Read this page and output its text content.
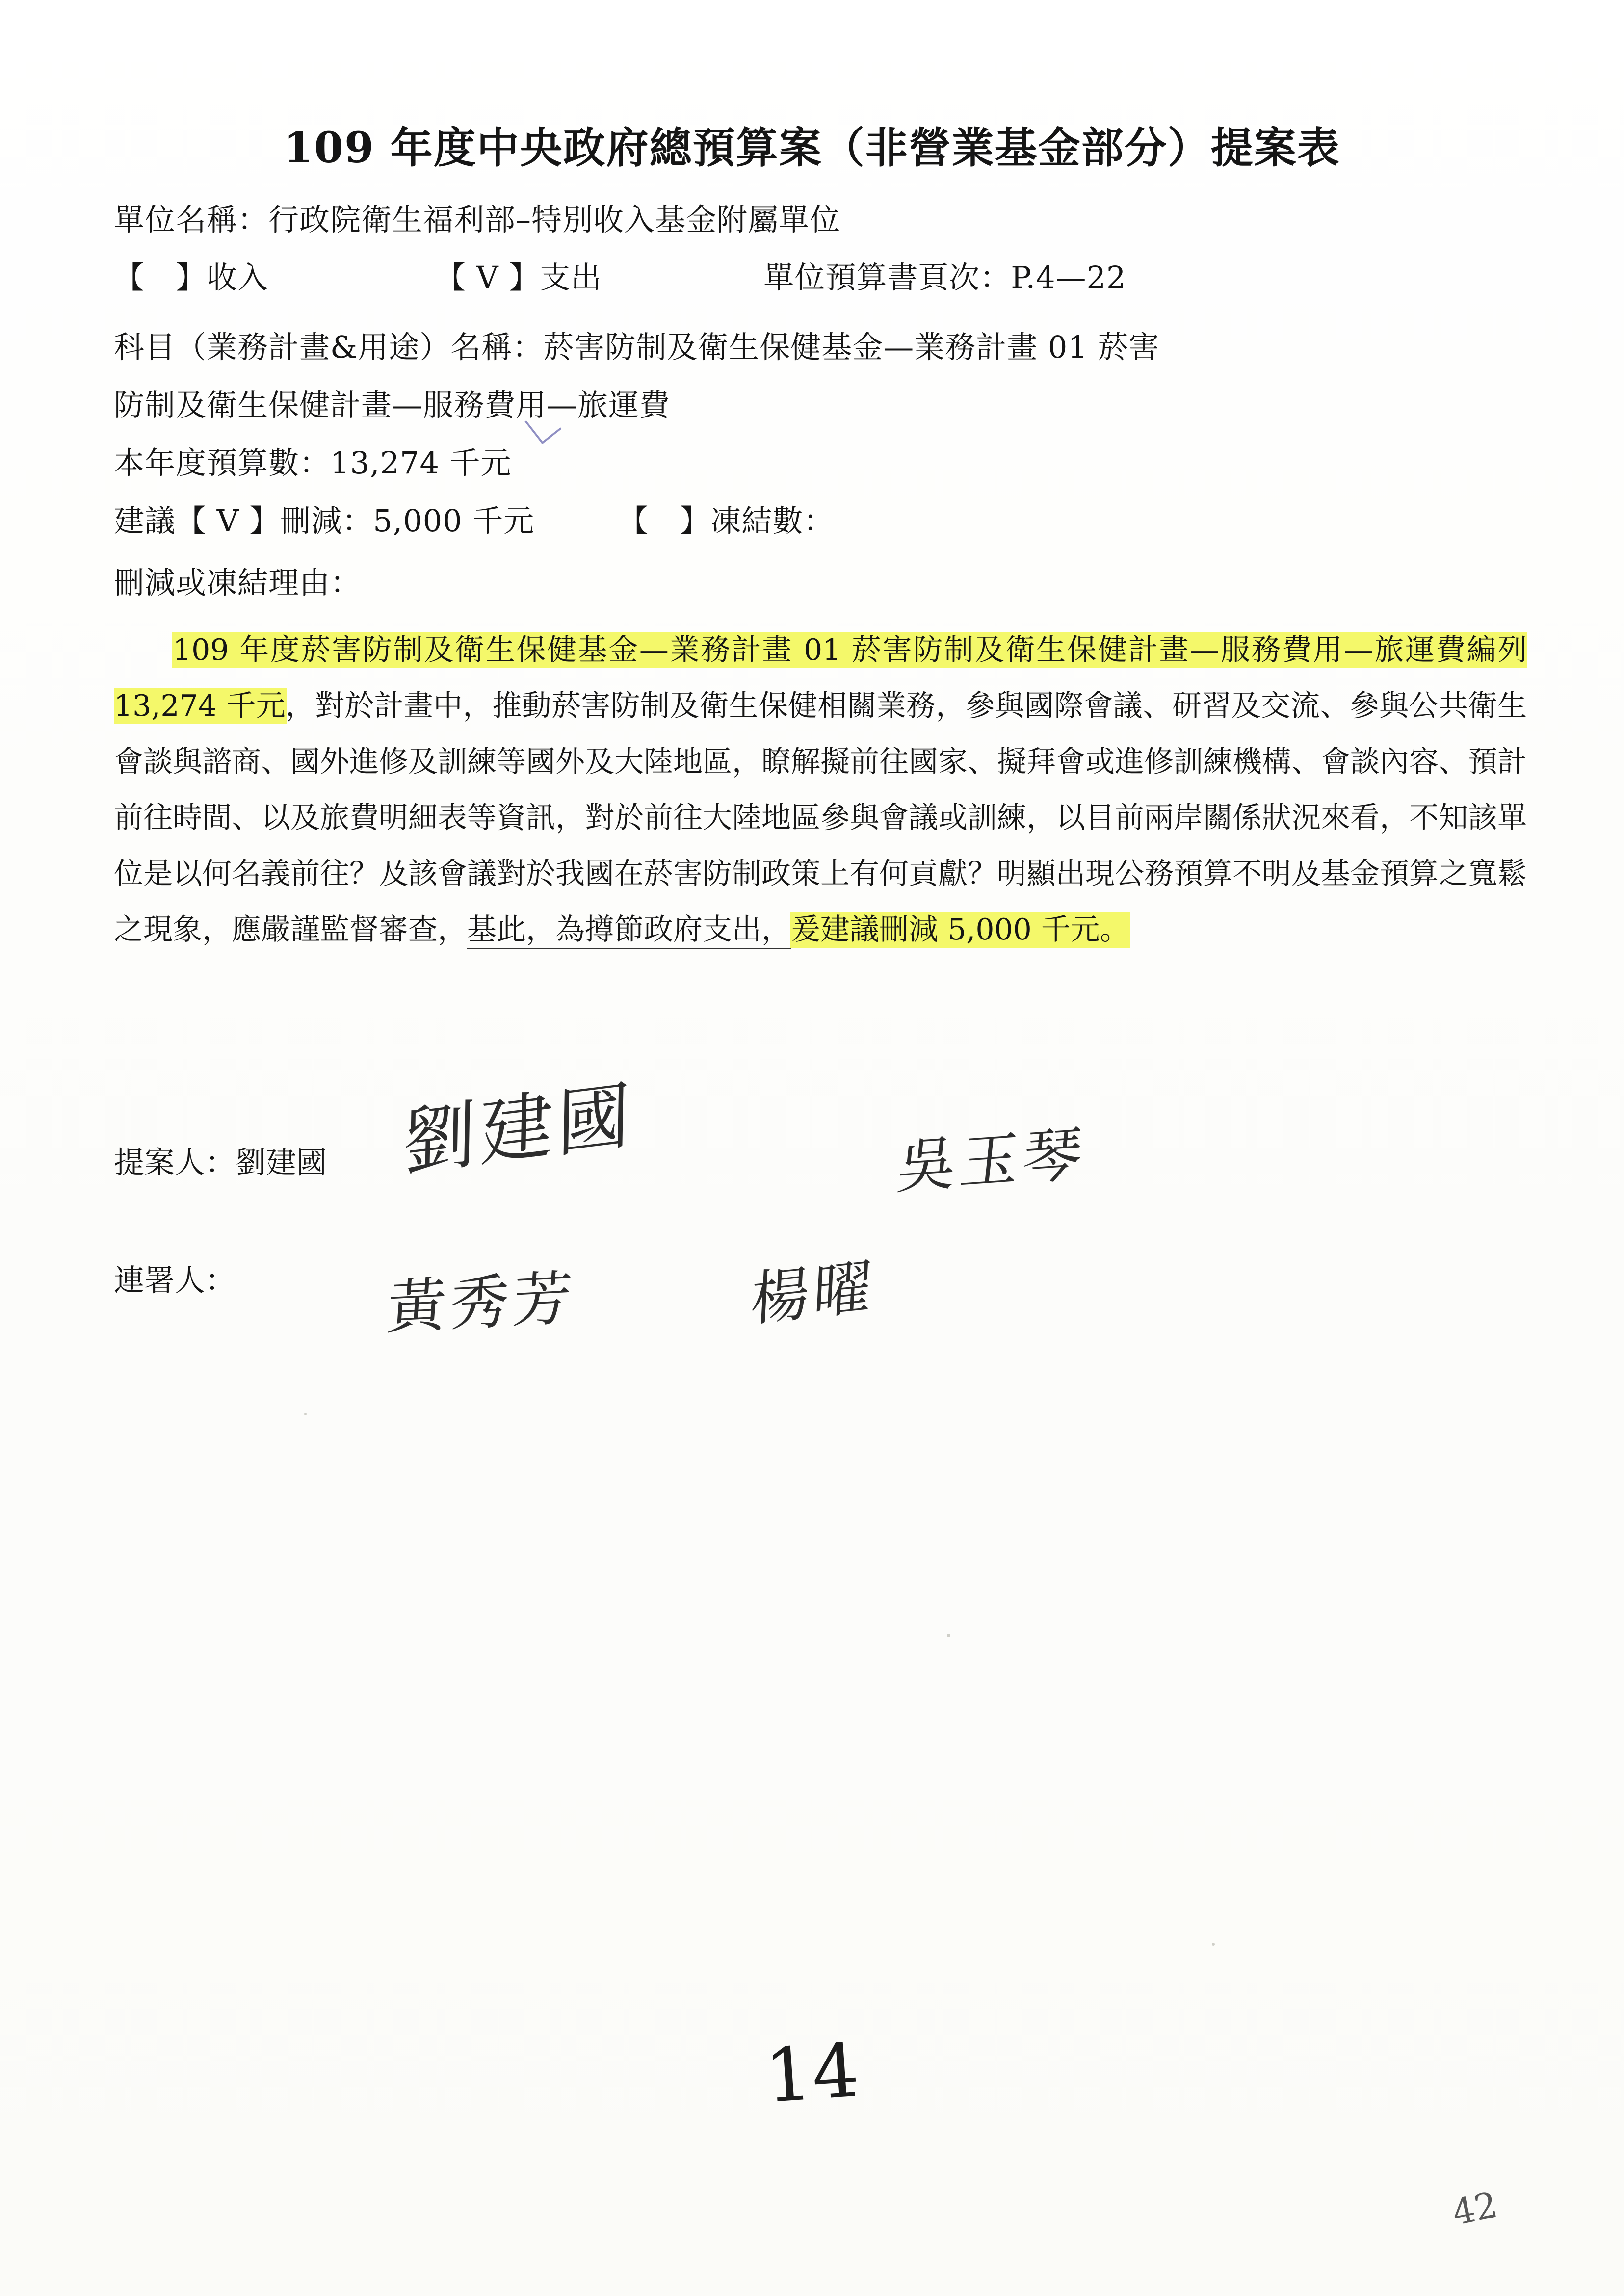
109 年度中央政府總預算案（非營業基金部分）提案表
單位名稱：行政院衛生福利部–特別收入基金附屬單位
【　】收入	【 V 】支出	單位預算書頁次：P.4—22
科目（業務計畫&用途）名稱：菸害防制及衛生保健基金—業務計畫 01 菸害
防制及衛生保健計畫—服務費用—旅運費
本年度預算數：13,274 千元
建議【 V 】刪減：5,000 千元	【　】凍結數：
刪減或凍結理由：
109 年度菸害防制及衛生保健基金—業務計畫 01 菸害防制及衛生保健計畫—服務費用—旅運費編列 13,274 千元，對於計畫中，推動菸害防制及衛生保健相關業務，參與國際會議、研習及交流、參與公共衛生會談與諮商、國外進修及訓練等國外及大陸地區，瞭解擬前往國家、擬拜會或進修訓練機構、會談內容、預計前往時間、以及旅費明細表等資訊，對於前往大陸地區參與會議或訓練，以目前兩岸關係狀況來看，不知該單位是以何名義前往？及該會議對於我國在菸害防制政策上有何貢獻？明顯出現公務預算不明及基金預算之寬鬆之現象，應嚴謹監督審查，基此，為撙節政府支出，爰建議刪減 5,000 千元。
提案人：劉建國
連署人：
劉建國	吳玉琴
黃秀芳	楊曜
14
42
